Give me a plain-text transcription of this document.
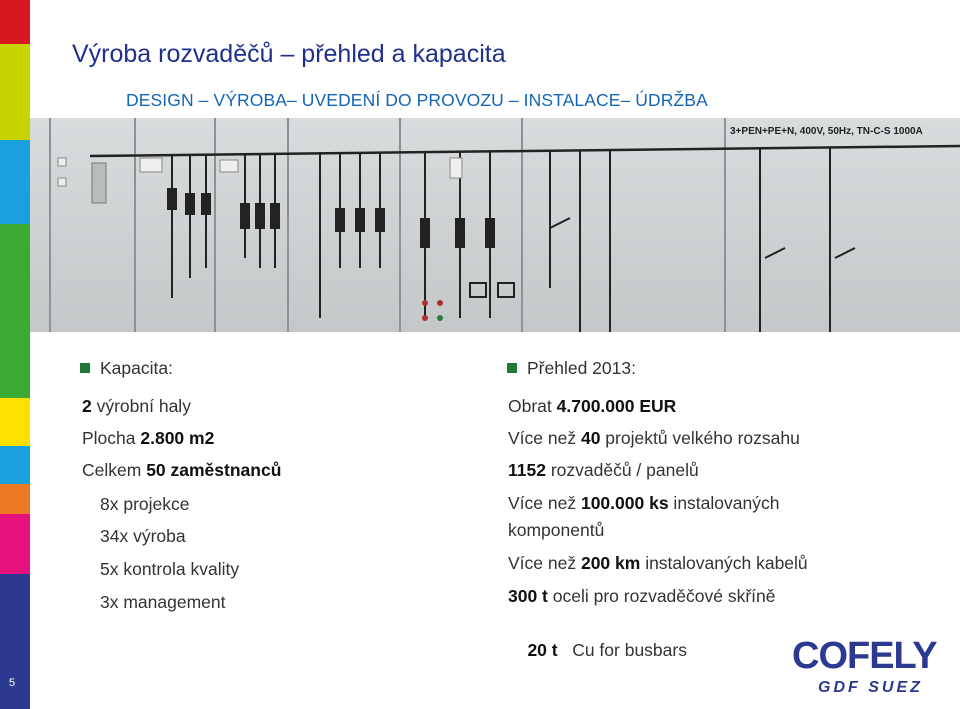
5
Výroba rozvaděčů – přehled a kapacita
DESIGN – VÝROBA– UVEDENÍ DO PROVOZU – INSTALACE– ÚDRŽBA
3+PEN+PE+N, 400V, 50Hz, TN-C-S 1000A
Kapacita:
2 výrobní haly
Plocha 2.800 m2
Celkem 50 zaměstnanců
8x projekce
34x výroba
5x kontrola kvality
3x management
Přehled 2013:
Obrat 4.700.000 EUR
Více než 40 projektů velkého rozsahu
1152 rozvaděčů / panelů
Více než 100.000 ks instalovaných
komponentů
Více než 200 km instalovaných kabelů
300 t oceli pro rozvaděčové skříně

20 t   Cu for busbars
	COFELY
GDF SUEZ
